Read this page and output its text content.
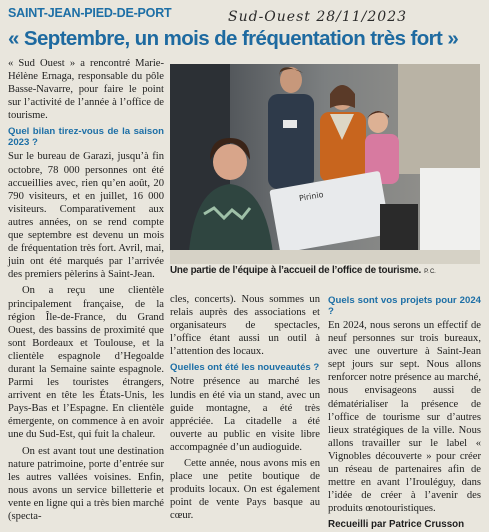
SAINT-JEAN-PIED-DE-PORT	Sud-Ouest 28/11/2023
« Septembre, un mois de fréquentation très fort »

« Sud Ouest » a rencontré Marie-Hélène Ernaga, responsable du pôle Basse-Navarre, pour faire le point sur l’activité de l’année à l’office de tourisme.

Quel bilan tirez-vous de la saison 2023 ?

Sur le bureau de Garazi, jusqu’à fin octobre, 78 000 personnes ont été accueillies avec, rien qu’en août, 20 790 visiteurs, et en juillet, 16 000 visiteurs. Comparativement aux autres années, on se rend compte que septembre est devenu un mois de fréquentation très fort. Avril, mai, juin ont été marqués par l’arrivée des premiers pèlerins à Saint-Jean.

On a reçu une clientèle principalement française, de la région Île-de-France, du Grand Ouest, des bassins de proximité que sont Bordeaux et Toulouse, et la clientèle espagnole d’Hegoalde durant la Semaine sainte espagnole. Parmi les touristes étrangers, arrivent en tête les États-Unis, les Pays-Bas et l’Espagne. En clientèle émergente, on commence à en avoir une du Sud-Est, qui fuit la chaleur.

On est avant tout une destination nature patrimoine, porte d’entrée sur les autres vallées voisines. Enfin, nous avons un service billetterie et vente en ligne qui a très bien marché (specta-

Pirinio
Une partie de l’équipe à l’accueil de l’office de tourisme. P. C.

cles, concerts). Nous sommes un relais auprès des associations et organisateurs de spectacles, l’office étant aussi un outil à l’attention des locaux.

Quelles ont été les nouveautés ?

Notre présence au marché les lundis en été via un stand, avec un guide montagne, a été très appréciée. La citadelle a été ouverte au public en visite libre accompagnée d’un audioguide.

Cette année, nous avons mis en place une petite boutique de produits locaux. On est également point de vente Pays basque au cœur.

Quels sont vos projets pour 2024 ?

En 2024, nous serons un effectif de neuf personnes sur trois bureaux, avec une ouverture à Saint-Jean sept jours sur sept. Nous allons renforcer notre présence au marché, nous envisageons aussi de dématérialiser la présence de l’office de tourisme sur d’autres lieux stratégiques de la ville. Nous allons travailler sur le label « Vignobles découverte » pour créer un réseau de partenaires afin de mettre en avant l’Irouléguy, dans l’idée de créer à l’avenir des produits œnotouristiques.

Recueilli par Patrice Crusson
